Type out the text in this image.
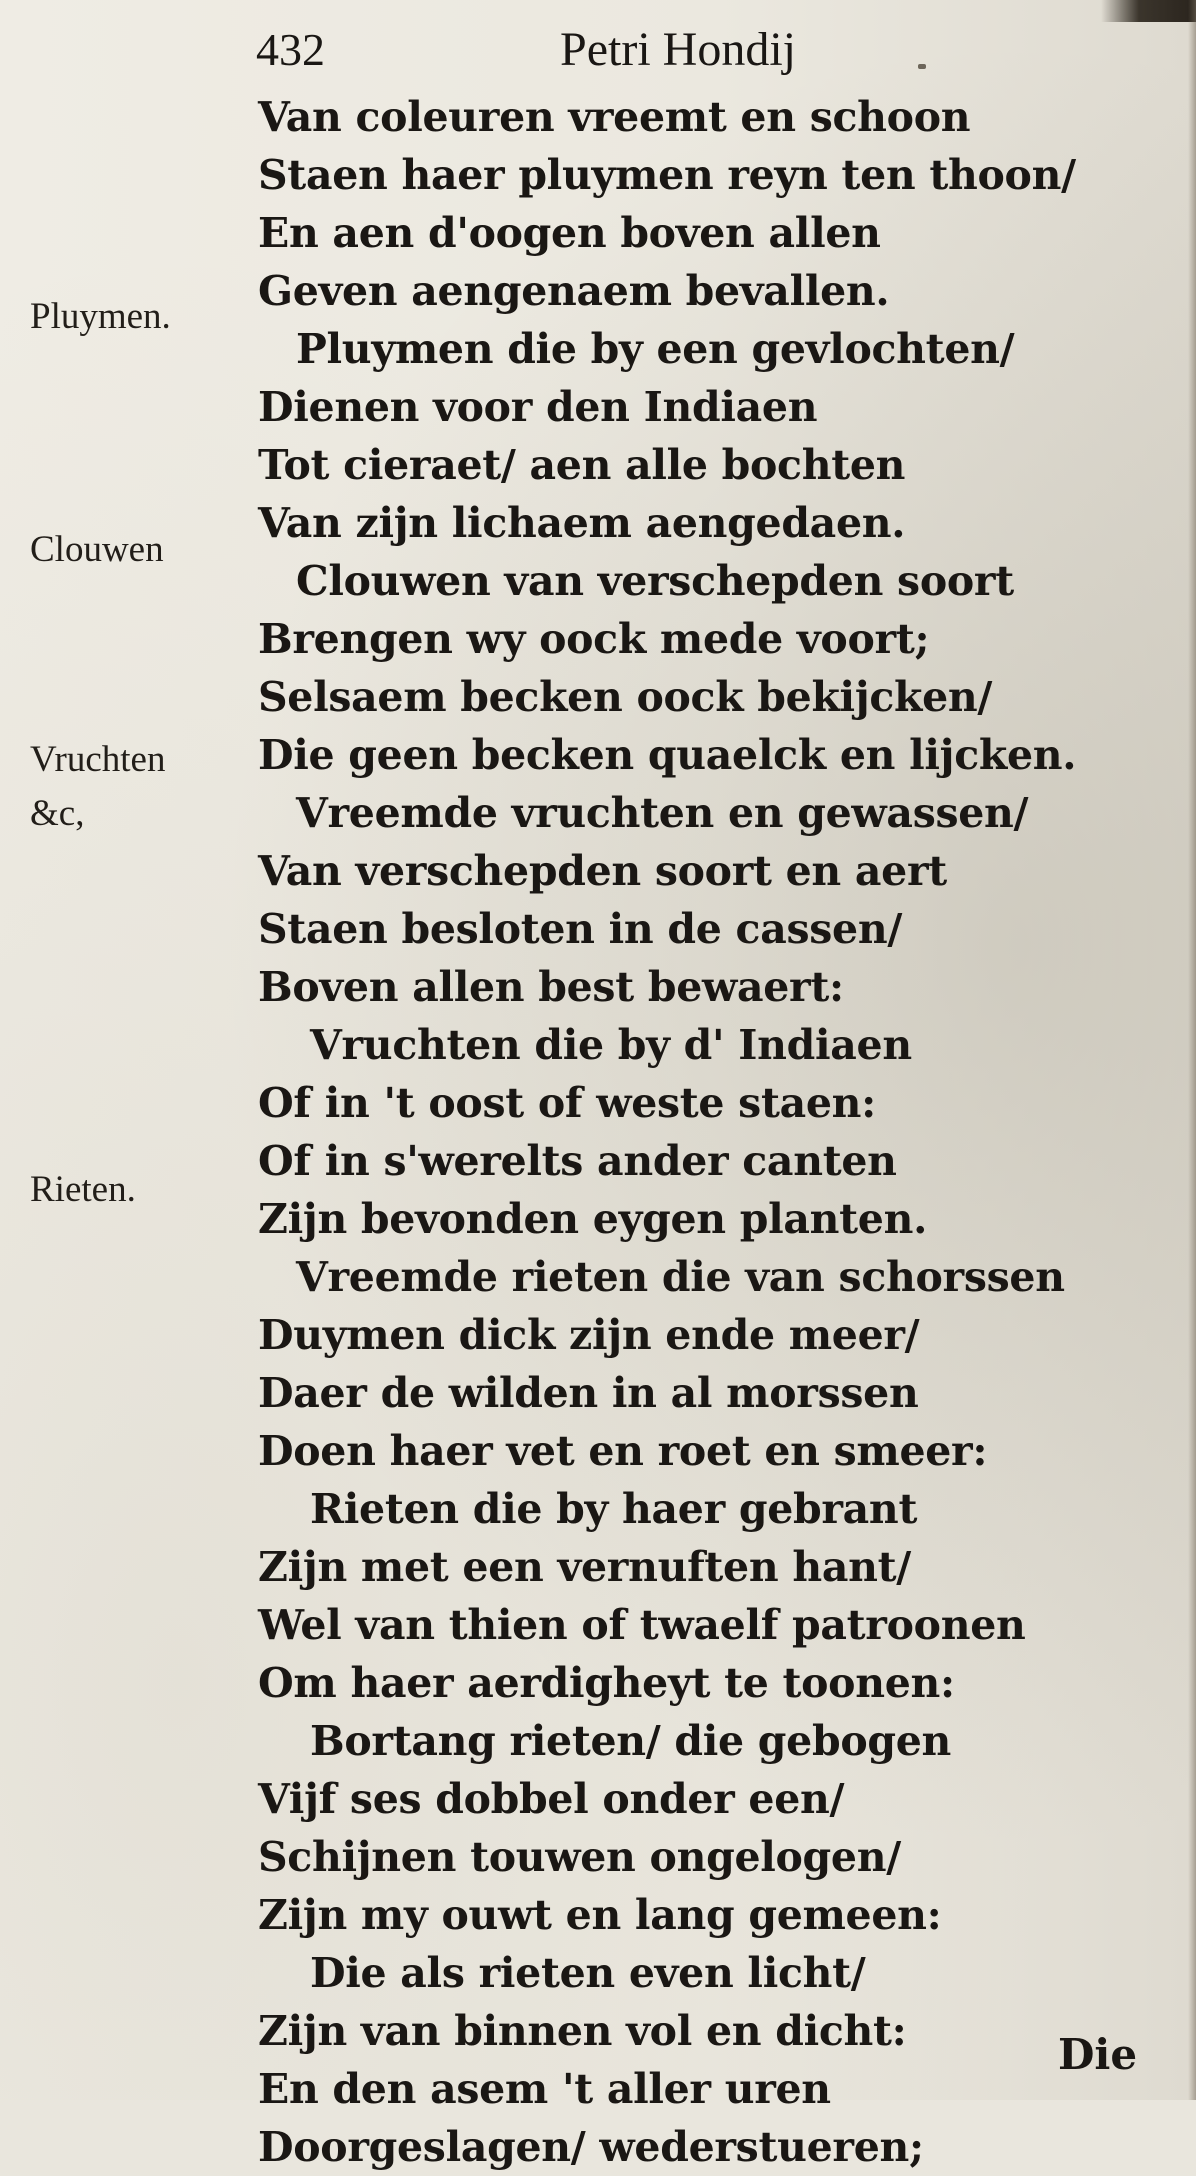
432	Petri Hondij
Pluymen.
Clouwen
Vruchten
&c,
Rieten.
Van coleuren vreemt en schoon
Staen haer pluymen reyn ten thoon/
En aen d'oogen boven allen
Geven aengenaem bevallen.
Pluymen die by een gevlochten/
Dienen voor den Indiaen
Tot cieraet/ aen alle bochten
Van zijn lichaem aengedaen.
Clouwen van verschepden soort
Brengen wy oock mede voort;
Selsaem becken oock bekijcken/
Die geen becken quaelck en lijcken.
Vreemde vruchten en gewassen/
Van verschepden soort en aert
Staen besloten in de cassen/
Boven allen best bewaert:
Vruchten die by d' Indiaen
Of in 't oost of weste staen:
Of in s'werelts ander canten
Zijn bevonden eygen planten.
Vreemde rieten die van schorssen
Duymen dick zijn ende meer/
Daer de wilden in al morssen
Doen haer vet en roet en smeer:
Rieten die by haer gebrant
Zijn met een vernuften hant/
Wel van thien of twaelf patroonen
Om haer aerdigheyt te toonen:
Bortang rieten/ die gebogen
Vijf ses dobbel onder een/
Schijnen touwen ongelogen/
Zijn my ouwt en lang gemeen:
Die als rieten even licht/
Zijn van binnen vol en dicht:
En den asem 't aller uren
Doorgeslagen/ wederstueren;
Die
